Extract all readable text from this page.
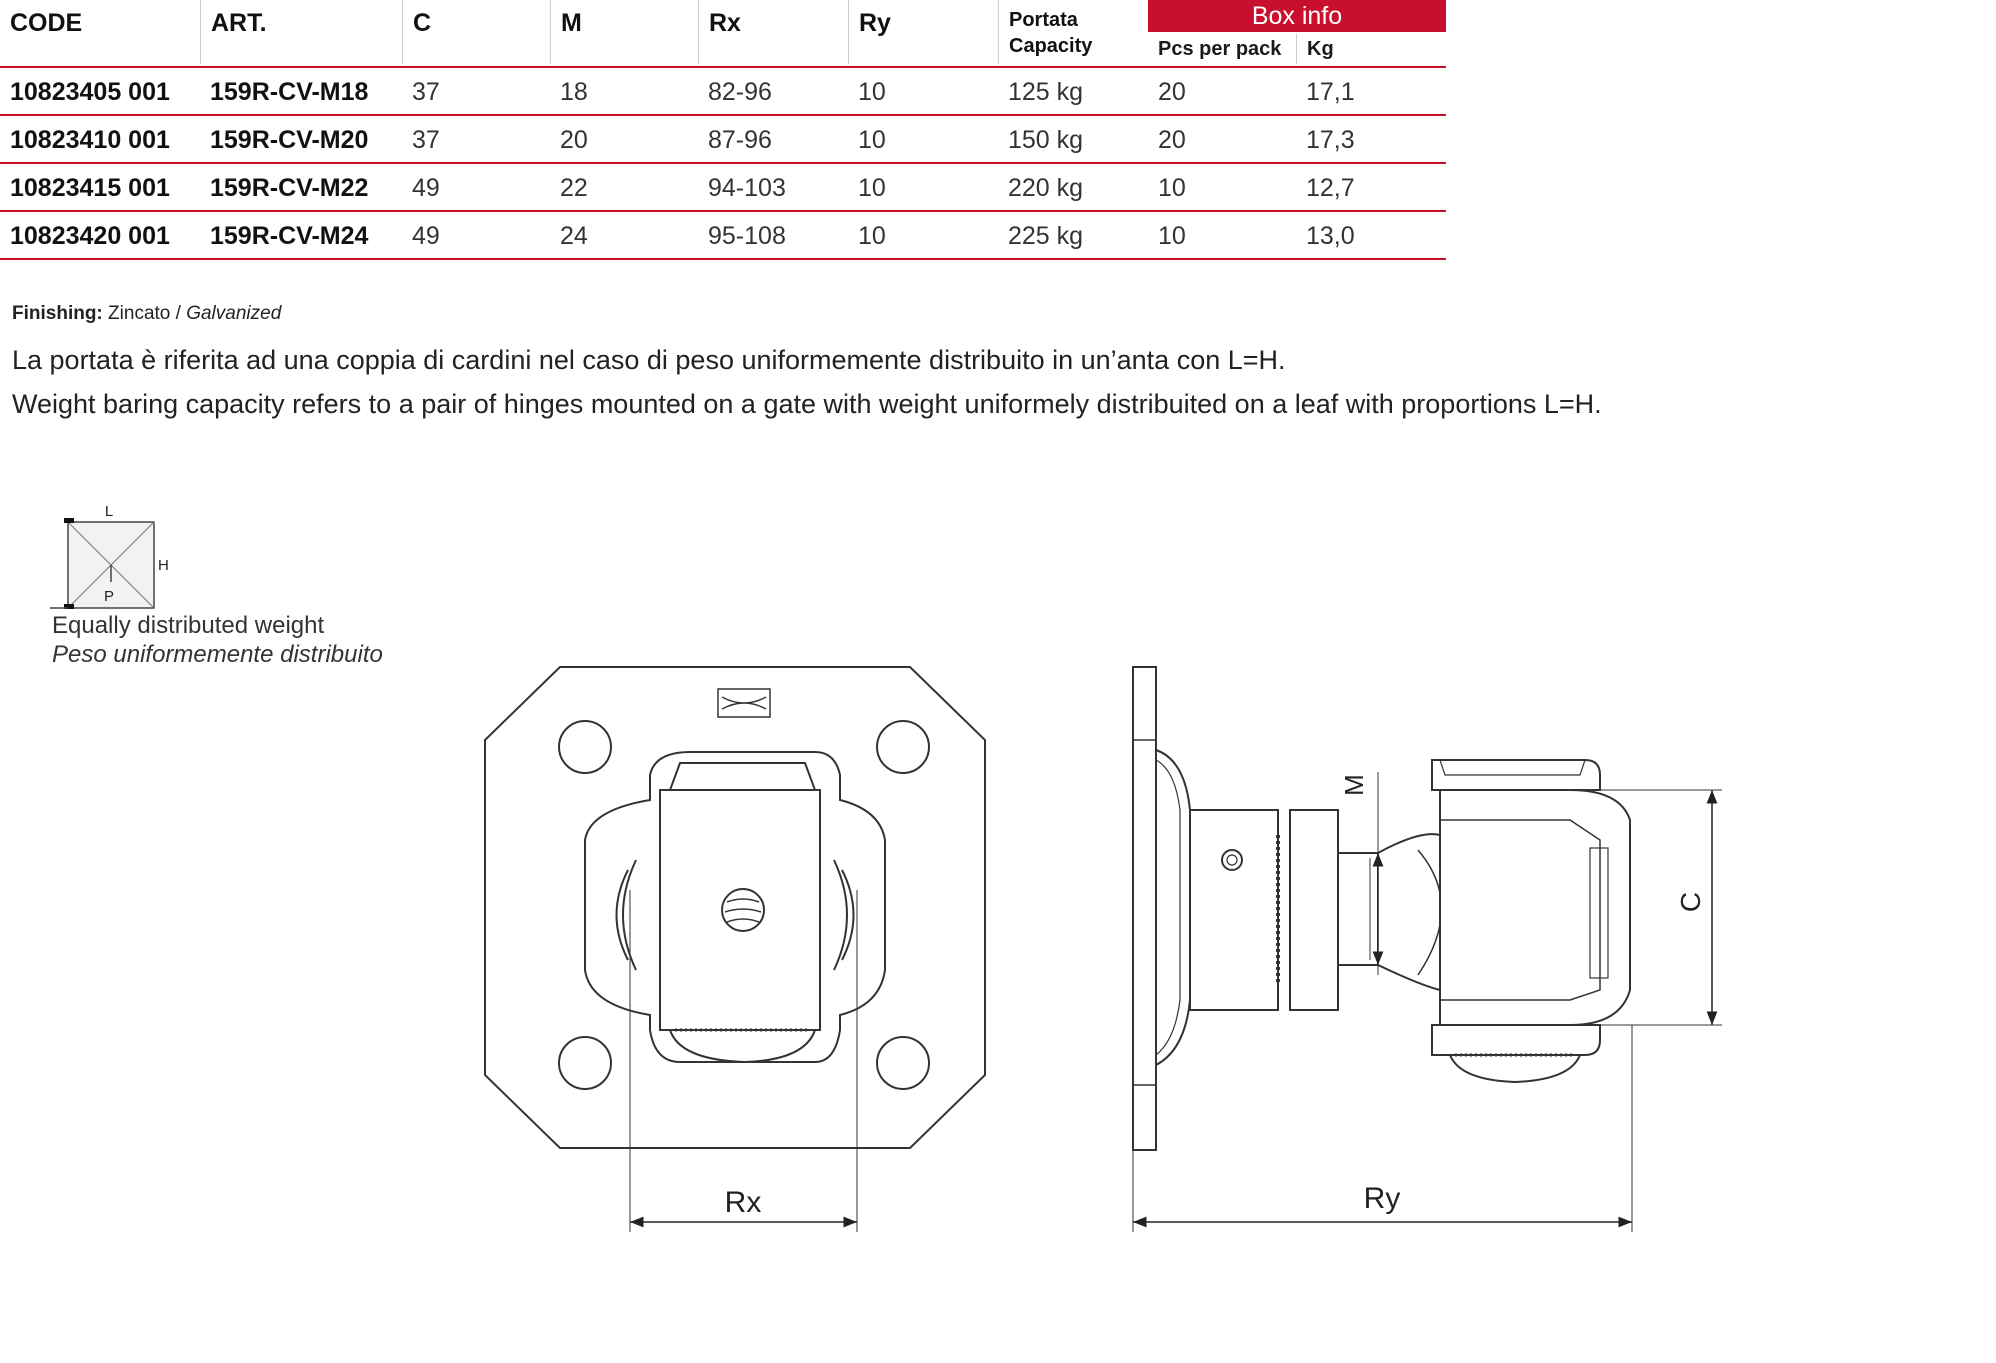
CODE	ART.	C	M	Rx	Ry	Portata
Capacity
Box info
Pcs per pack	Kg
10823405 001	159R-CV-M18	37	18	82-96	10	125 kg	20	17,1
10823410 001	159R-CV-M20	37	20	87-96	10	150 kg	20	17,3
10823415 001	159R-CV-M22	49	22	94-103	10	220 kg	10	12,7
10823420 001	159R-CV-M24	49	24	95-108	10	225 kg	10	13,0
Finishing: Zincato / Galvanized
La portata è riferita ad una coppia di cardini nel caso di peso uniformemente distribuito in un’anta con L=H.
Weight baring capacity refers to a pair of hinges mounted on a gate with weight uniformely distribuited on a leaf with proportions L=H.
L
H
P
Equally distributed weight
Peso uniformemente distribuito
Rx	Ry
C
M
